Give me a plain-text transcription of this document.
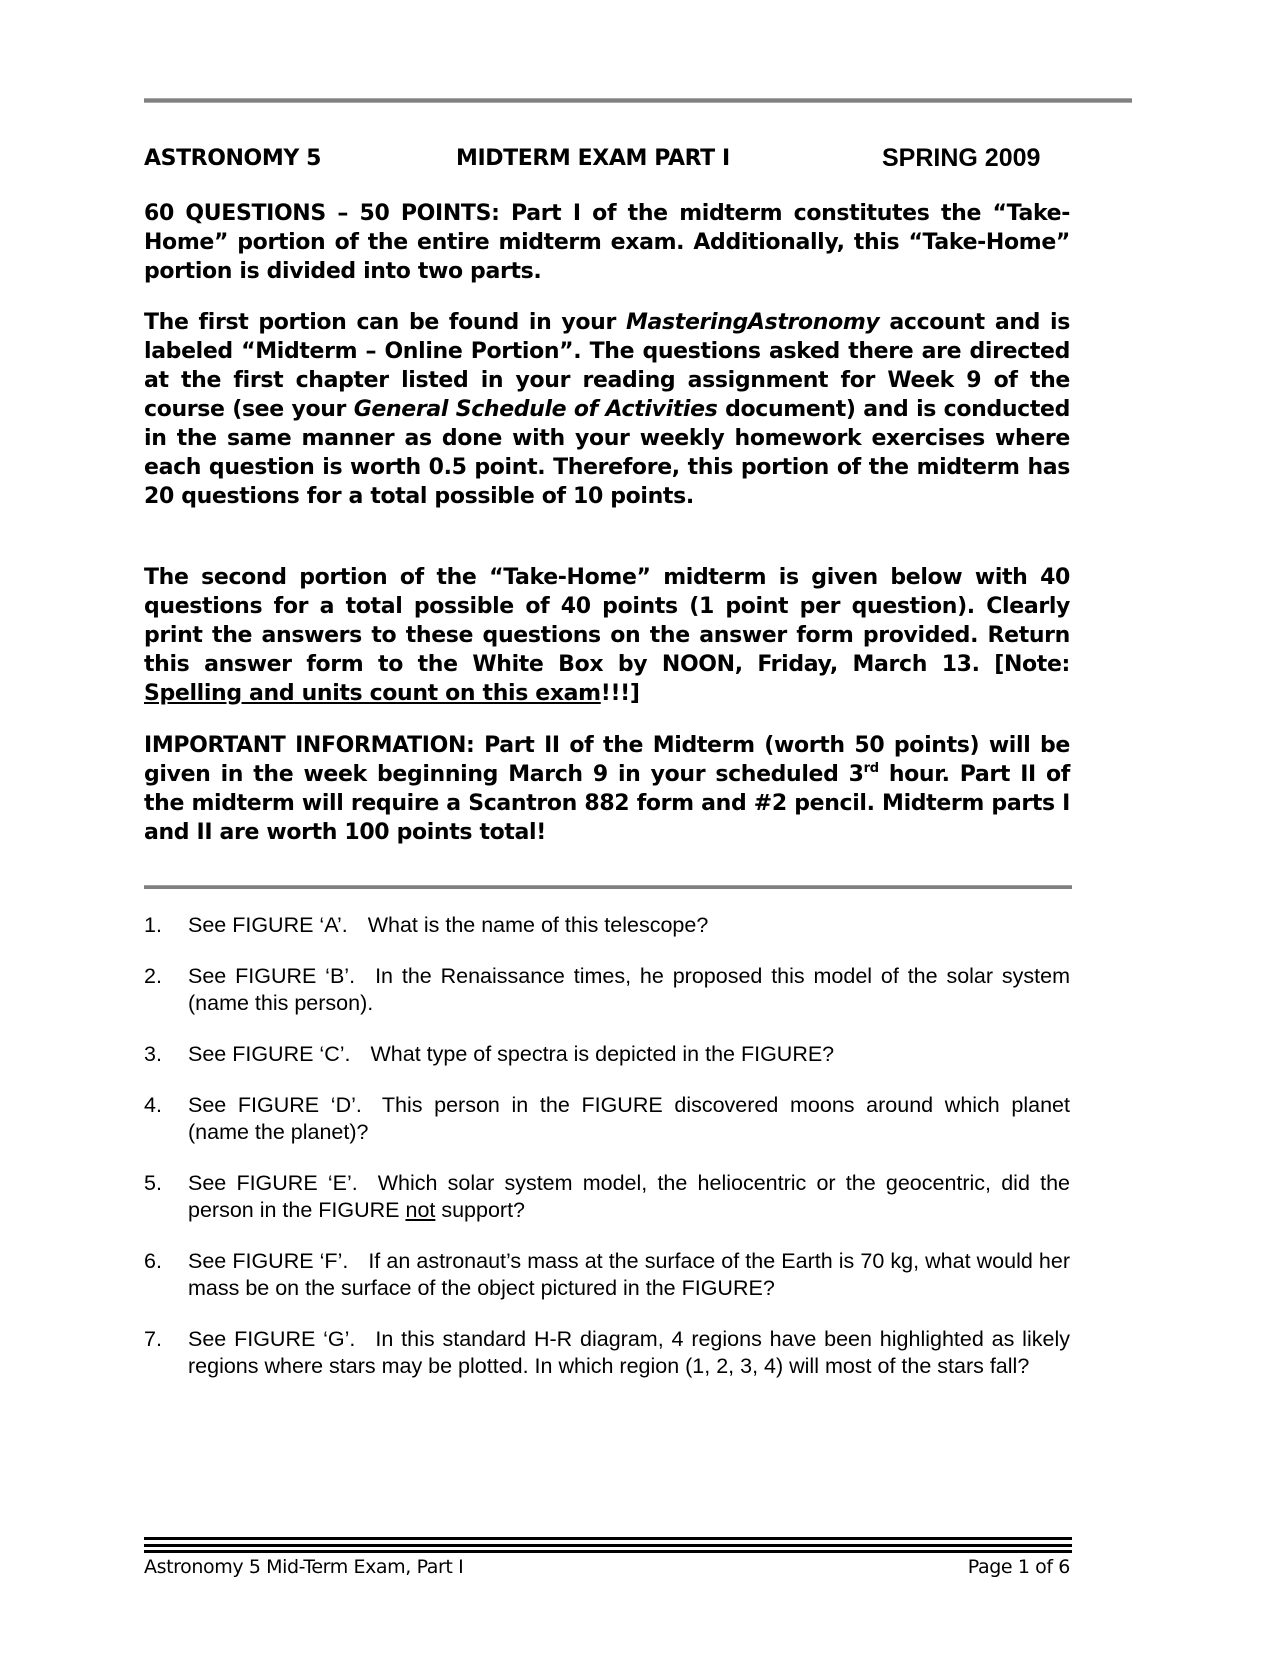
ASTRONOMY 5	MIDTERM EXAM PART I	SPRING 2009
60 QUESTIONS – 50 POINTS: Part I of the midterm constitutes the “Take-Home” portion of the entire midterm exam. Additionally, this “Take-Home” portion is divided into two parts.
The first portion can be found in your MasteringAstronomy account and is labeled “Midterm – Online Portion”. The questions asked there are directed at the first chapter listed in your reading assignment for Week 9 of the course (see your General Schedule of Activities document) and is conducted in the same manner as done with your weekly homework exercises where each question is worth 0.5 point. Therefore, this portion of the midterm has 20 questions for a total possible of 10 points.
The second portion of the “Take-Home” midterm is given below with 40 questions for a total possible of 40 points (1 point per question). Clearly print the answers to these questions on the answer form provided. Return this answer form to the White Box by NOON, Friday, March 13. [Note: Spelling and units count on this exam!!!]
IMPORTANT INFORMATION: Part II of the Midterm (worth 50 points) will be given in the week beginning March 9 in your scheduled 3rd hour. Part II of the midterm will require a Scantron 882 form and #2 pencil. Midterm parts I and II are worth 100 points total!
1. See FIGURE ‘A’. What is the name of this telescope?
2. See FIGURE ‘B’. In the Renaissance times, he proposed this model of the solar system (name this person).
3. See FIGURE ‘C’. What type of spectra is depicted in the FIGURE?
4. See FIGURE ‘D’. This person in the FIGURE discovered moons around which planet (name the planet)?
5. See FIGURE ‘E’. Which solar system model, the heliocentric or the geocentric, did the person in the FIGURE not support?
6. See FIGURE ‘F’. If an astronaut’s mass at the surface of the Earth is 70 kg, what would her mass be on the surface of the object pictured in the FIGURE?
7. See FIGURE ‘G’. In this standard H-R diagram, 4 regions have been highlighted as likely regions where stars may be plotted. In which region (1, 2, 3, 4) will most of the stars fall?
Astronomy 5 Mid-Term Exam, Part I	Page 1 of 6
